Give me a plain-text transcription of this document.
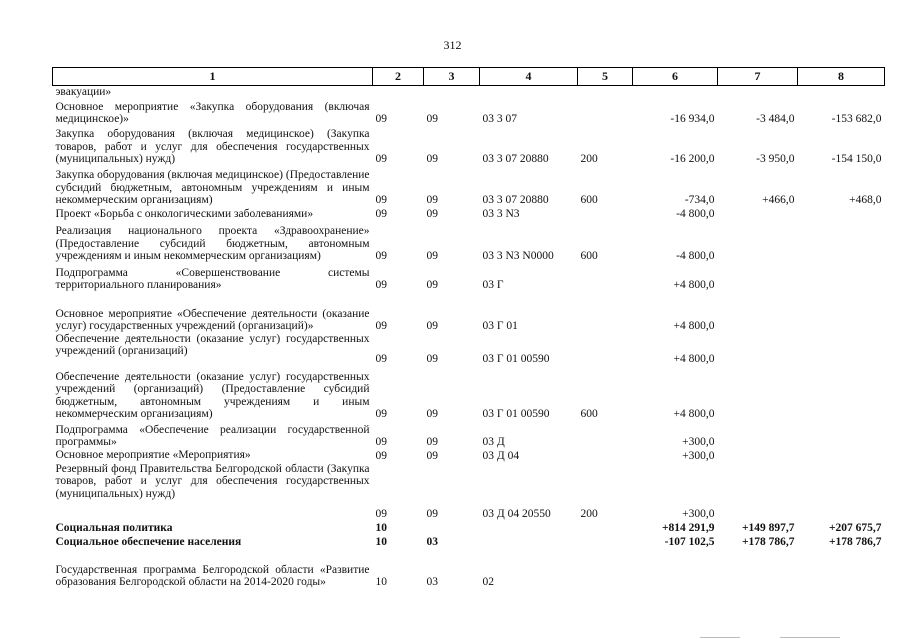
312
1	2	3	4	5	6	7	8
эвакуации»							
Основное мероприятие «Закупка оборудования (включая медицинское)»	09	09	03 3 07		-16 934,0	-3 484,0	-153 682,0
Закупка оборудования (включая медицинское) (Закупка товаров, работ и услуг для обеспечения государственных (муниципальных) нужд)	09	09	03 3 07 20880	200	-16 200,0	-3 950,0	-154 150,0
Закупка оборудования (включая медицинское) (Предоставление субсидий бюджетным, автономным учреждениям и иным некоммерческим организациям)	09	09	03 3 07 20880	600	-734,0	+466,0	+468,0
Проект «Борьба с онкологическими заболеваниями»	09	09	03 3 N3		-4 800,0		
Реализация национального проекта «Здравоохранение» (Предоставление субсидий бюджетным, автономным учреждениям и иным некоммерческим организациям)	09	09	03 3 N3 N0000	600	-4 800,0		
Подпрограмма «Совершенствование системы территориального планирования»	09	09	03 Г		+4 800,0		
Основное мероприятие «Обеспечение деятельности (оказание услуг) государственных учреждений (организаций)»	09	09	03 Г 01		+4 800,0		
Обеспечение деятельности (оказание услуг) государственных учреждений (организаций)	09	09	03 Г 01 00590		+4 800,0		
Обеспечение деятельности (оказание услуг) государственных учреждений (организаций) (Предоставление субсидий бюджетным, автономным учреждениям и иным некоммерческим организациям)	09	09	03 Г 01 00590	600	+4 800,0		
Подпрограмма «Обеспечение реализации государственной программы»	09	09	03 Д		+300,0		
Основное мероприятие «Мероприятия»	09	09	03 Д 04		+300,0		
Резервный фонд Правительства Белгородской области (Закупка товаров, работ и услуг для обеспечения государственных (муниципальных) нужд)	09	09	03 Д 04 20550	200	+300,0		
Социальная политика	10				+814 291,9	+149 897,7	+207 675,7
Социальное обеспечение населения	10	03			-107 102,5	+178 786,7	+178 786,7
Государственная программа Белгородской области «Развитие образования Белгородской области на 2014-2020 годы»	10	03	02				
